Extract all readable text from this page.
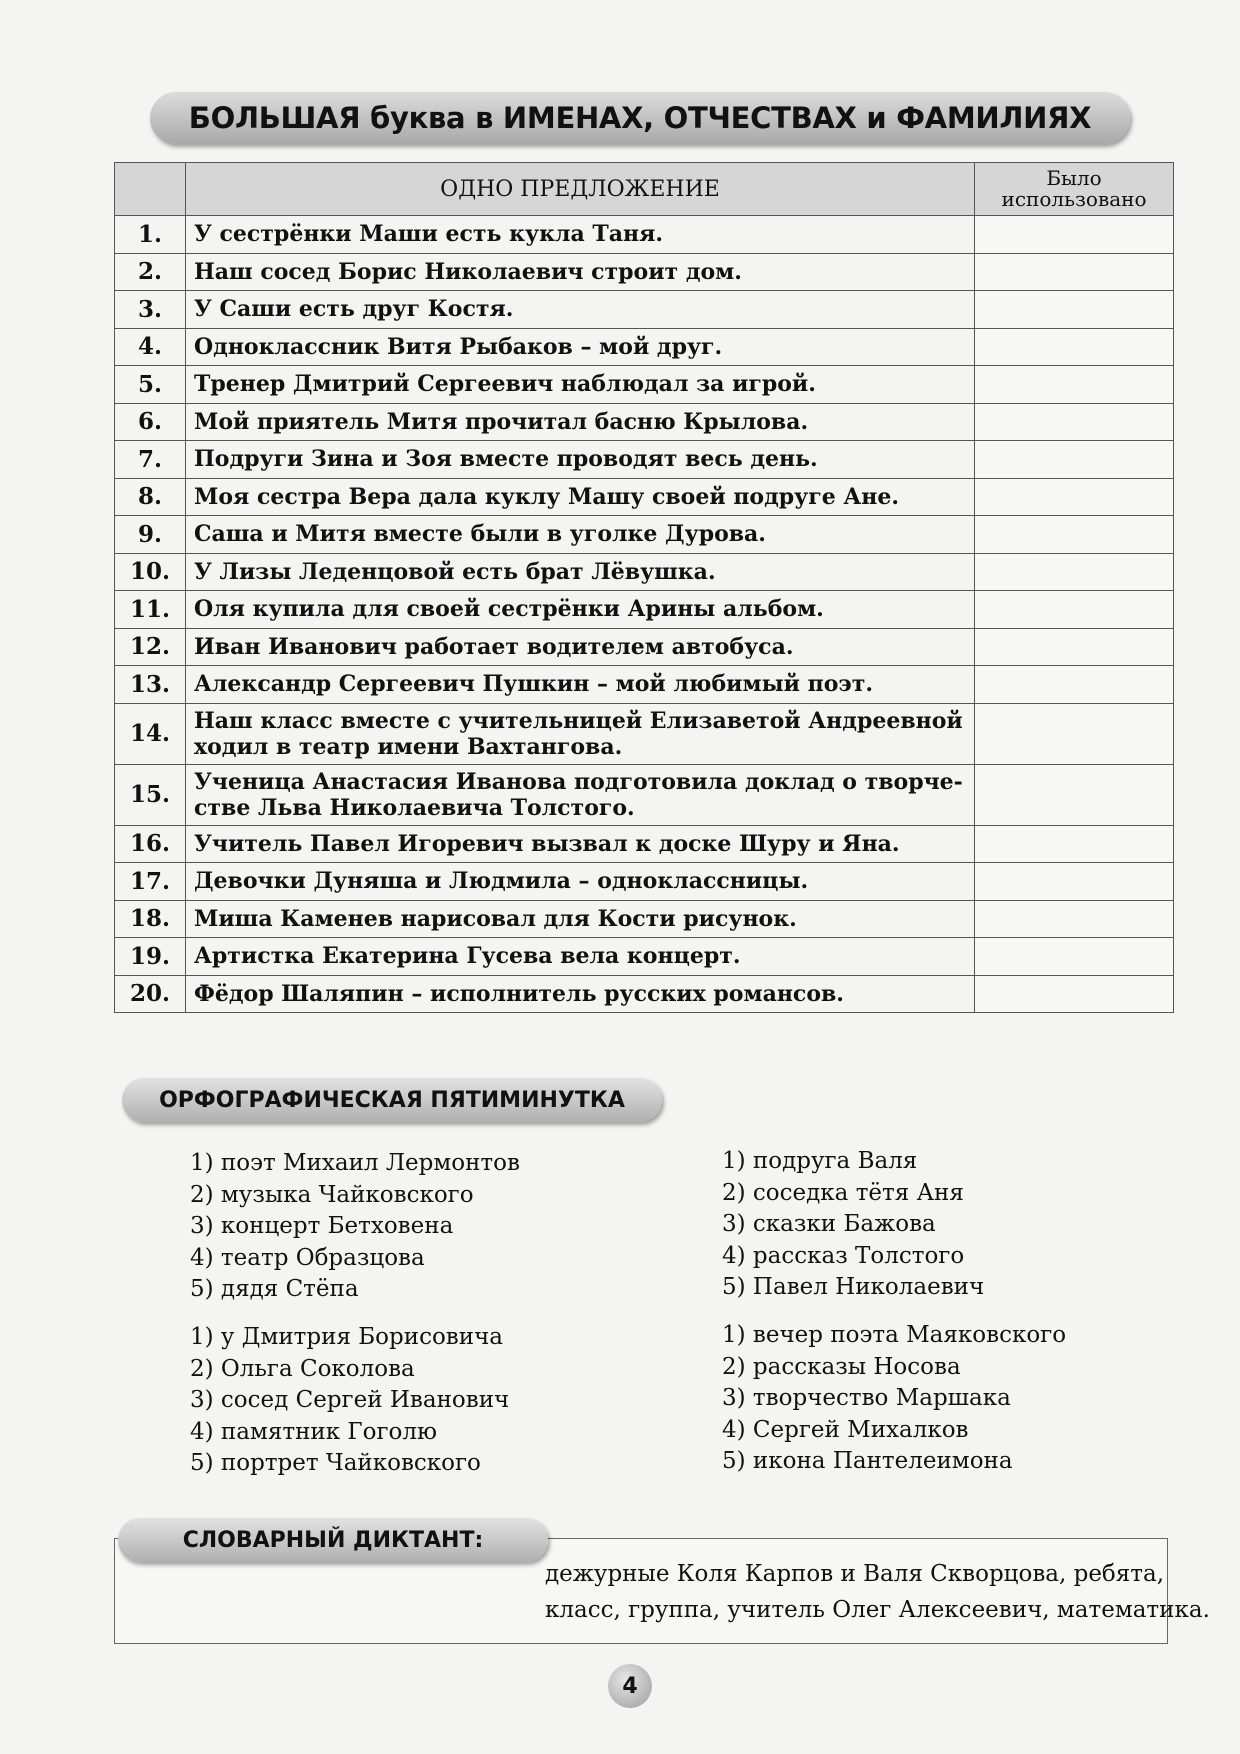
БОЛЬШАЯ буква в ИМЕНАХ, ОТЧЕСТВАХ и ФАМИЛИЯХ
	ОДНО ПРЕДЛОЖЕНИЕ	Было
использовано
1.	У сестрёнки Маши есть кукла Таня.	
2.	Наш сосед Борис Николаевич строит дом.	
3.	У Саши есть друг Костя.	
4.	Одноклассник Витя Рыбаков – мой друг.	
5.	Тренер Дмитрий Сергеевич наблюдал за игрой.	
6.	Мой приятель Митя прочитал басню Крылова.	
7.	Подруги Зина и Зоя вместе проводят весь день.	
8.	Моя сестра Вера дала куклу Машу своей подруге Ане.	
9.	Саша и Митя вместе были в уголке Дурова.	
10.	У Лизы Леденцовой есть брат Лёвушка.	
11.	Оля купила для своей сестрёнки Арины альбом.	
12.	Иван Иванович работает водителем автобуса.	
13.	Александр Сергеевич Пушкин – мой любимый поэт.	
14.	Наш класс вместе с учительницей Елизаветой Андреевной
ходил в театр имени Вахтангова.	
15.	Ученица Анастасия Иванова подготовила доклад о творче-
стве Льва Николаевича Толстого.	
16.	Учитель Павел Игоревич вызвал к доске Шуру и Яна.	
17.	Девочки Дуняша и Людмила – одноклассницы.	
18.	Миша Каменев нарисовал для Кости рисунок.	
19.	Артистка Екатерина Гусева вела концерт.	
20.	Фёдор Шаляпин – исполнитель русских романсов.	
ОРФОГРАФИЧЕСКАЯ ПЯТИМИНУТКА
1) поэт Михаил Лермонтов
2) музыка Чайковского
3) концерт Бетховена
4) театр Образцова
5) дядя Стёпа
1) подруга Валя
2) соседка тётя Аня
3) сказки Бажова
4) рассказ Толстого
5) Павел Николаевич
1) у Дмитрия Борисовича
2) Ольга Соколова
3) сосед Сергей Иванович
4) памятник Гоголю
5) портрет Чайковского
1) вечер поэта Маяковского
2) рассказы Носова
3) творчество Маршака
4) Сергей Михалков
5) икона Пантелеимона
дежурные Коля Карпов и Валя Скворцова, ребята,
класс, группа, учитель Олег Алексеевич, математика.
СЛОВАРНЫЙ ДИКТАНТ:
4
